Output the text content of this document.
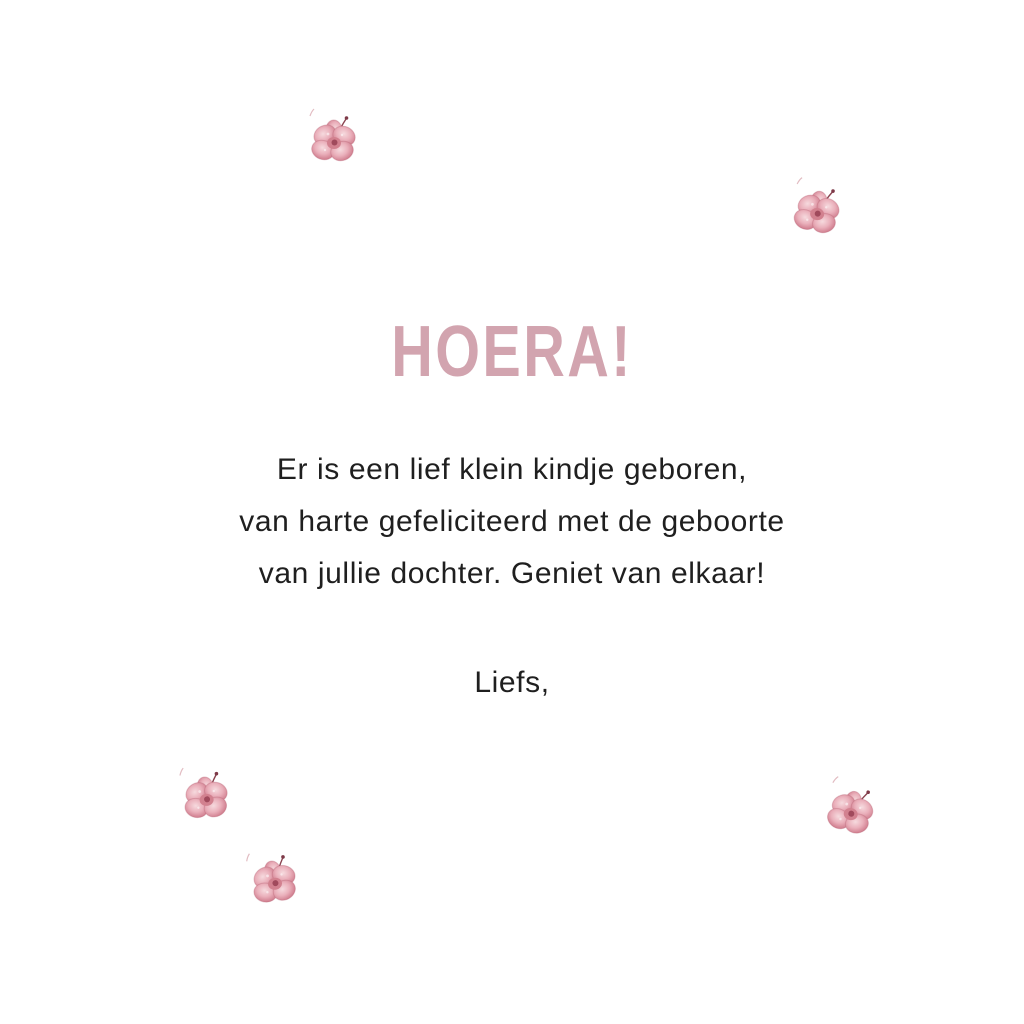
HOERA!

Er is een lief klein kindje geboren,

van harte gefeliciteerd met de geboorte

van jullie dochter. Geniet van elkaar!

Liefs,
